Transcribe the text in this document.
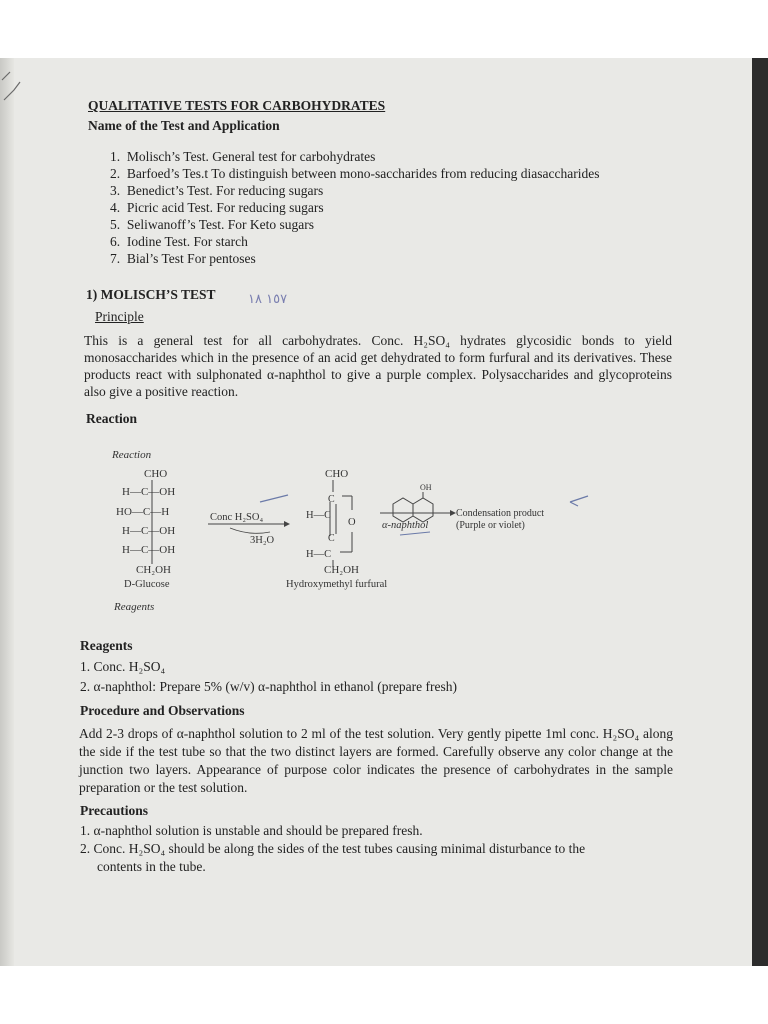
QUALITATIVE TESTS FOR CARBOHYDRATES
Name of the Test and Application
1. Molisch’s Test. General test for carbohydrates
2. Barfoed’s Tes.t To distinguish between mono-saccharides from reducing diasaccharides
3. Benedict’s Test. For reducing sugars
4. Picric acid Test. For reducing sugars
5. Seliwanoff’s Test. For Keto sugars
6. Iodine Test. For starch
7. Bial’s Test For pentoses
1) MOLISCH’S TEST ١٥٧ ١٨
Principle
This is a general test for all carbohydrates. Conc. H₂SO₄ hydrates glycosidic bonds to yield monosaccharides which in the presence of an acid get dehydrated to form furfural and its derivatives. These products react with sulphonated α-naphthol to give a purple complex. Polysaccharides and glycoproteins also give a positive reaction.
Reaction
Reaction
CHO
H—C—OH
HO—C—H
H—C—OH
H—C—OH
CH₂OH
D-Glucose
Conc H₂SO₄
3H₂O
CHO
C
H—C
O
C
H—C
CH₂OH
Hydroxymethyl furfural
OH
α-naphthol
Condensation product
(Purple or violet)
Reagents
Reagents
1. Conc. H₂SO₄
2. α-naphthol: Prepare 5% (w/v) α-naphthol in ethanol (prepare fresh)
Procedure and Observations
Add 2-3 drops of α-naphthol solution to 2 ml of the test solution. Very gently pipette 1ml conc. H₂SO₄ along the side if the test tube so that the two distinct layers are formed. Carefully observe any color change at the junction two layers. Appearance of purpose color indicates the presence of carbohydrates in the sample preparation or the test solution.
Precautions
1. α-naphthol solution is unstable and should be prepared fresh.
2. Conc. H₂SO₄ should be along the sides of the test tubes causing minimal disturbance to the
contents in the tube.
